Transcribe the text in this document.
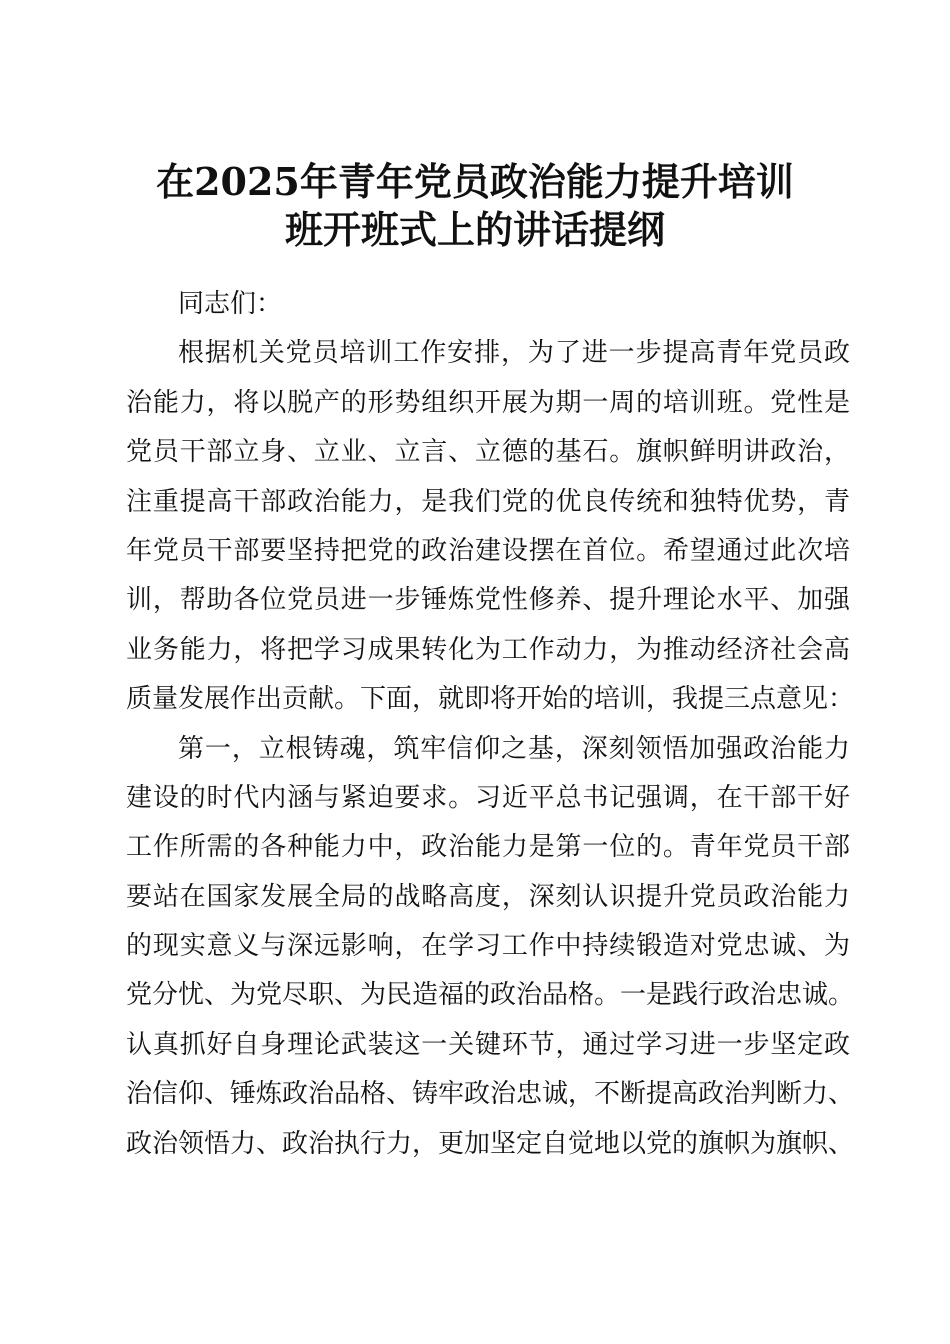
在2025年青年党员政治能力提升培训
班开班式上的讲话提纲
同志们：
根据机关党员培训工作安排，为了进一步提高青年党员政
治能力，将以脱产的形势组织开展为期一周的培训班。党性是
党员干部立身、立业、立言、立德的基石。旗帜鲜明讲政治，
注重提高干部政治能力，是我们党的优良传统和独特优势，青
年党员干部要坚持把党的政治建设摆在首位。希望通过此次培
训，帮助各位党员进一步锤炼党性修养、提升理论水平、加强
业务能力，将把学习成果转化为工作动力，为推动经济社会高
质量发展作出贡献。下面，就即将开始的培训，我提三点意见：
第一，立根铸魂，筑牢信仰之基，深刻领悟加强政治能力
建设的时代内涵与紧迫要求。习近平总书记强调，在干部干好
工作所需的各种能力中，政治能力是第一位的。青年党员干部
要站在国家发展全局的战略高度，深刻认识提升党员政治能力
的现实意义与深远影响，在学习工作中持续锻造对党忠诚、为
党分忧、为党尽职、为民造福的政治品格。一是践行政治忠诚。
认真抓好自身理论武装这一关键环节，通过学习进一步坚定政
治信仰、锤炼政治品格、铸牢政治忠诚，不断提高政治判断力、
政治领悟力、政治执行力，更加坚定自觉地以党的旗帜为旗帜、
